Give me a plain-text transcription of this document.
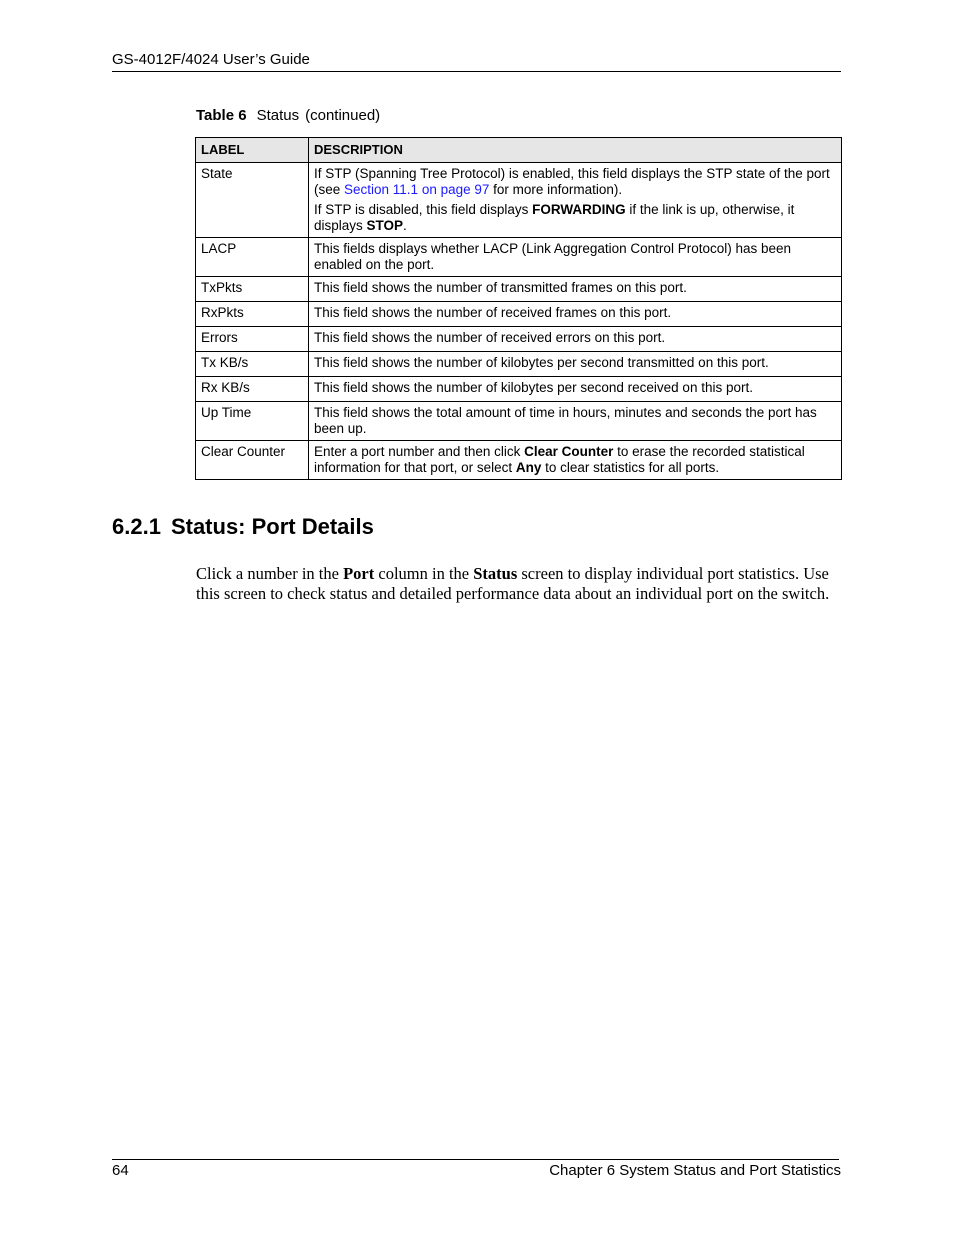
GS-4012F/4024 User’s Guide
Table 6 Status (continued)
LABEL	DESCRIPTION
State	If STP (Spanning Tree Protocol) is enabled, this field displays the STP state of the port (see Section 11.1 on page 97 for more information).

If STP is disabled, this field displays FORWARDING if the link is up, otherwise, it displays STOP.

LACP	This fields displays whether LACP (Link Aggregation Control Protocol) has been enabled on the port.
TxPkts	This field shows the number of transmitted frames on this port.
RxPkts	This field shows the number of received frames on this port.
Errors	This field shows the number of received errors on this port.
Tx KB/s	This field shows the number of kilobytes per second transmitted on this port.
Rx KB/s	This field shows the number of kilobytes per second received on this port.
Up Time	This field shows the total amount of time in hours, minutes and seconds the port has been up.
Clear Counter	Enter a port number and then click Clear Counter to erase the recorded statistical information for that port, or select Any to clear statistics for all ports.
6.2.1 Status: Port Details

Click a number in the Port column in the Status screen to display individual port statistics. Use this screen to check status and detailed performance data about an individual port on the switch.

64	Chapter 6 System Status and Port Statistics
